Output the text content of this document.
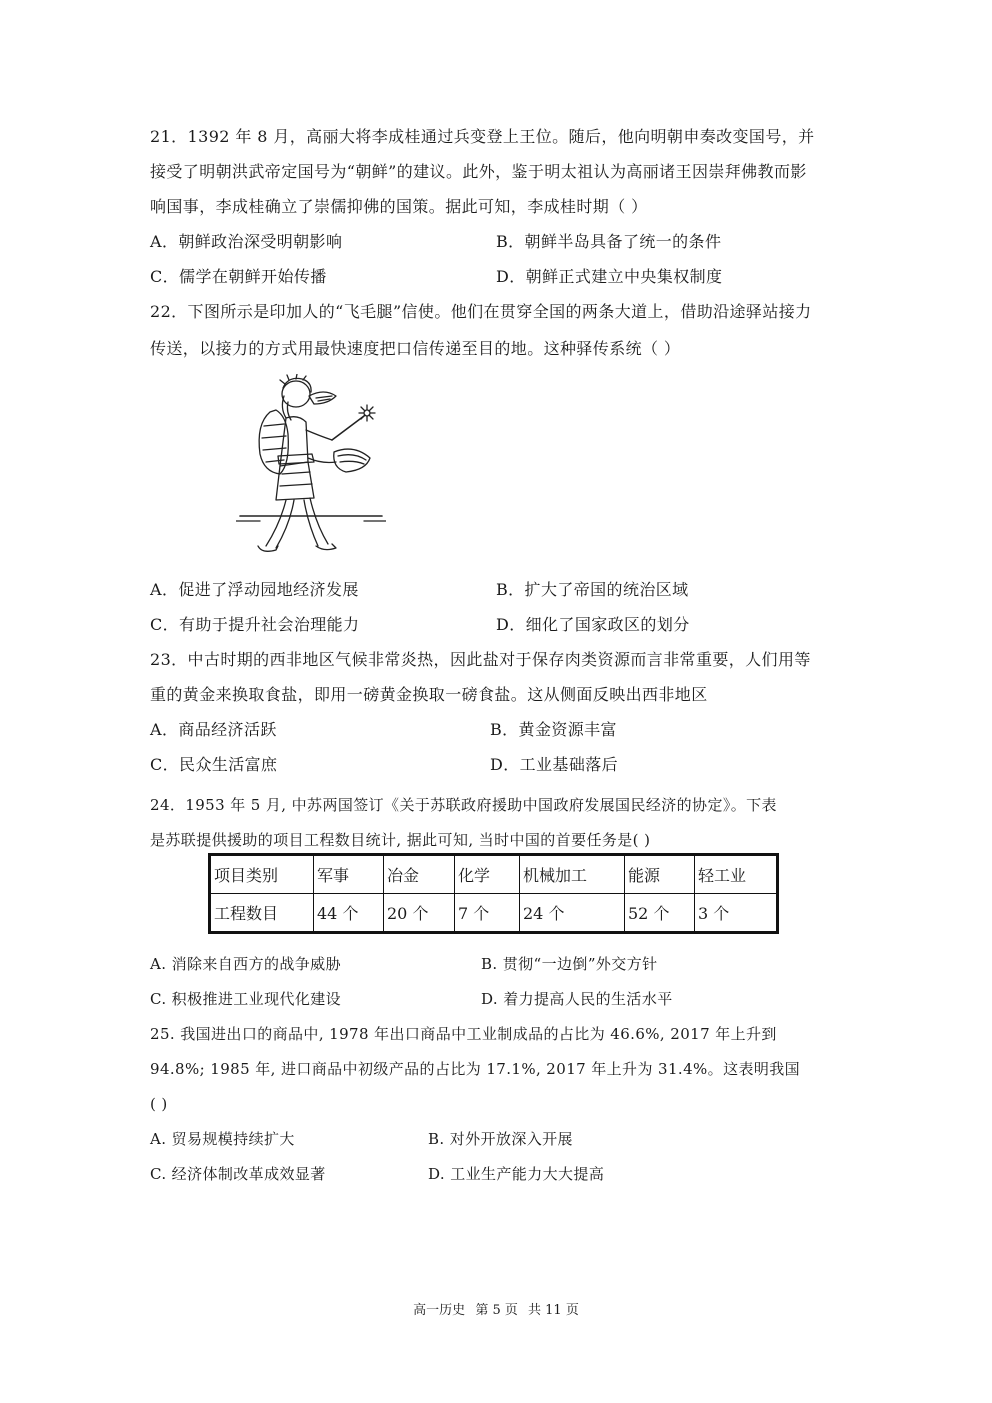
21．1392 年 8 月，高丽大将李成桂通过兵变登上王位。随后，他向明朝申奏改变国号，并
接受了明朝洪武帝定国号为“朝鲜”的建议。此外，鉴于明太祖认为高丽诸王因崇拜佛教而影
响国事，李成桂确立了崇儒抑佛的国策。据此可知，李成桂时期（ ）
A．朝鲜政治深受明朝影响	B．朝鲜半岛具备了统一的条件
C．儒学在朝鲜开始传播	D．朝鲜正式建立中央集权制度
22．下图所示是印加人的“飞毛腿”信使。他们在贯穿全国的两条大道上，借助沿途驿站接力
传送，以接力的方式用最快速度把口信传递至目的地。这种驿传系统（ ）
A．促进了浮动园地经济发展	B．扩大了帝国的统治区域
C．有助于提升社会治理能力	D．细化了国家政区的划分
23．中古时期的西非地区气候非常炎热，因此盐对于保存肉类资源而言非常重要，人们用等
重的黄金来换取食盐，即用一磅黄金换取一磅食盐。这从侧面反映出西非地区
A．商品经济活跃	B．黄金资源丰富
C．民众生活富庶	D．工业基础落后
24．1953 年 5 月, 中苏两国签订《关于苏联政府援助中国政府发展国民经济的协定》。下表
是苏联提供援助的项目工程数目统计, 据此可知, 当时中国的首要任务是( )
项目类别	军事	冶金	化学	机械加工	能源	轻工业
工程数目	44 个	20 个	7 个	24 个	52 个	3 个
A. 消除来自西方的战争威胁	B. 贯彻“一边倒”外交方针
C. 积极推进工业现代化建设	D. 着力提高人民的生活水平
25. 我国进出口的商品中, 1978 年出口商品中工业制成品的占比为 46.6%, 2017 年上升到
94.8%; 1985 年, 进口商品中初级产品的占比为 17.1%, 2017 年上升为 31.4%。这表明我国
( )
A. 贸易规模持续扩大	B. 对外开放深入开展
C. 经济体制改革成效显著	D. 工业生产能力大大提高
高一历史 第 5 页 共 11 页
